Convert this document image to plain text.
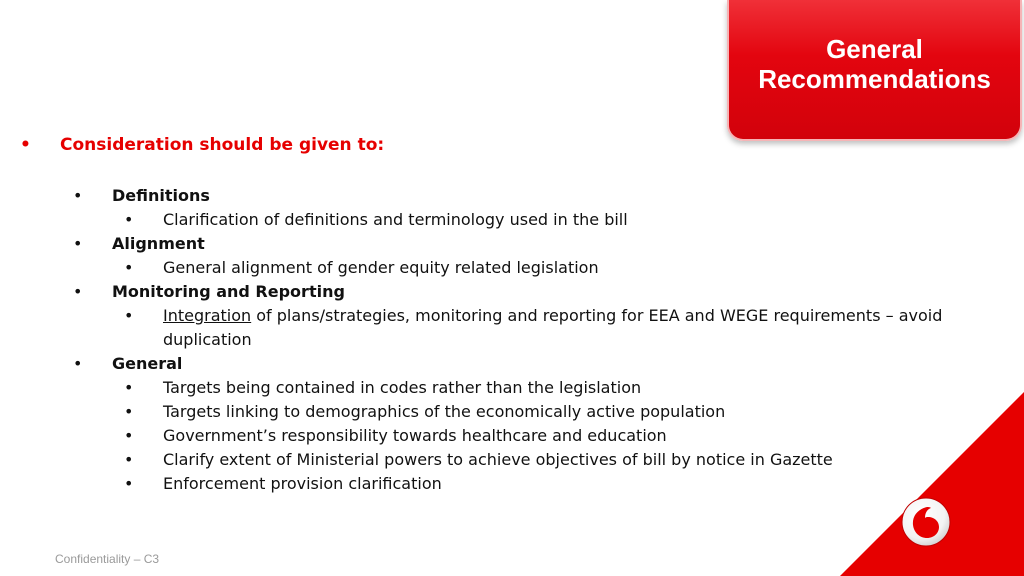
General
Recommendations
• Consideration should be given to:
• Definitions
• Clarification of definitions and terminology used in the bill
• Alignment
• General alignment of gender equity related legislation
• Monitoring and Reporting
• Integration of plans/strategies, monitoring and reporting for EEA and WEGE requirements – avoid duplication
• General
• Targets being contained in codes rather than the legislation
• Targets linking to demographics of the economically active population
• Government’s responsibility towards healthcare and education
• Clarify extent of Ministerial powers to achieve objectives of bill by notice in Gazette
• Enforcement provision clarification
Confidentiality – C3
